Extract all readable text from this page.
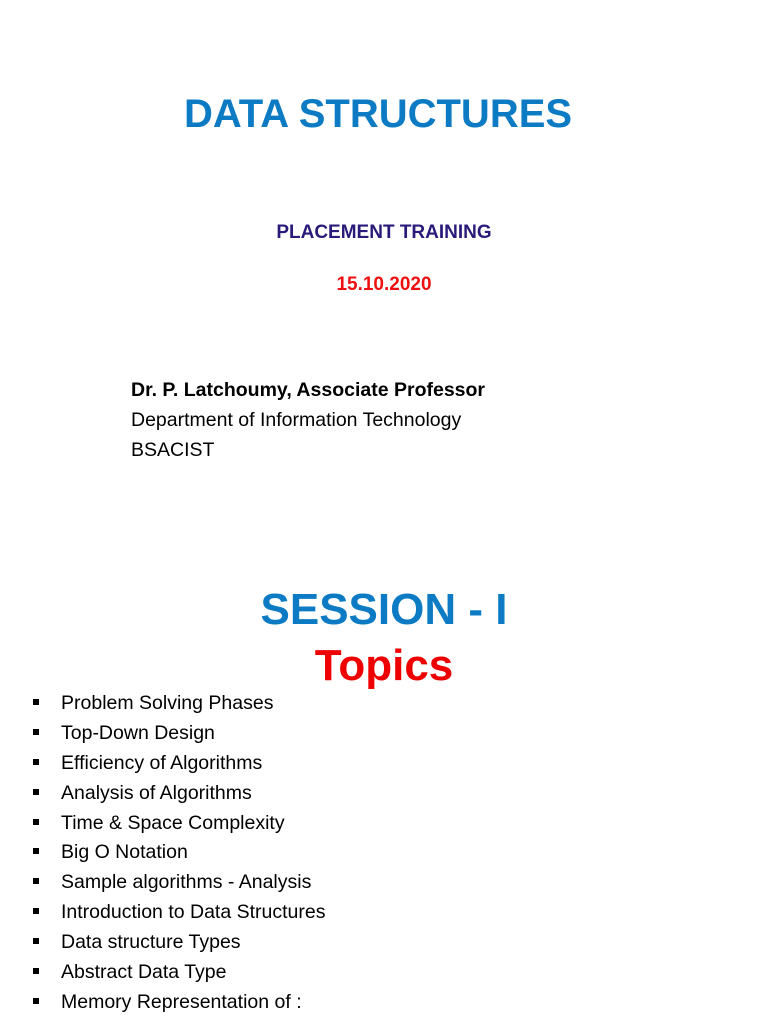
DATA STRUCTURES
PLACEMENT TRAINING
15.10.2020
Dr. P. Latchoumy, Associate Professor
Department of Information Technology
BSACIST
SESSION - I
Topics
Problem Solving Phases
Top-Down Design
Efficiency of Algorithms
Analysis of Algorithms
Time & Space Complexity
Big O Notation
Sample algorithms - Analysis
Introduction to Data Structures
Data structure Types
Abstract Data Type
Memory Representation of :
